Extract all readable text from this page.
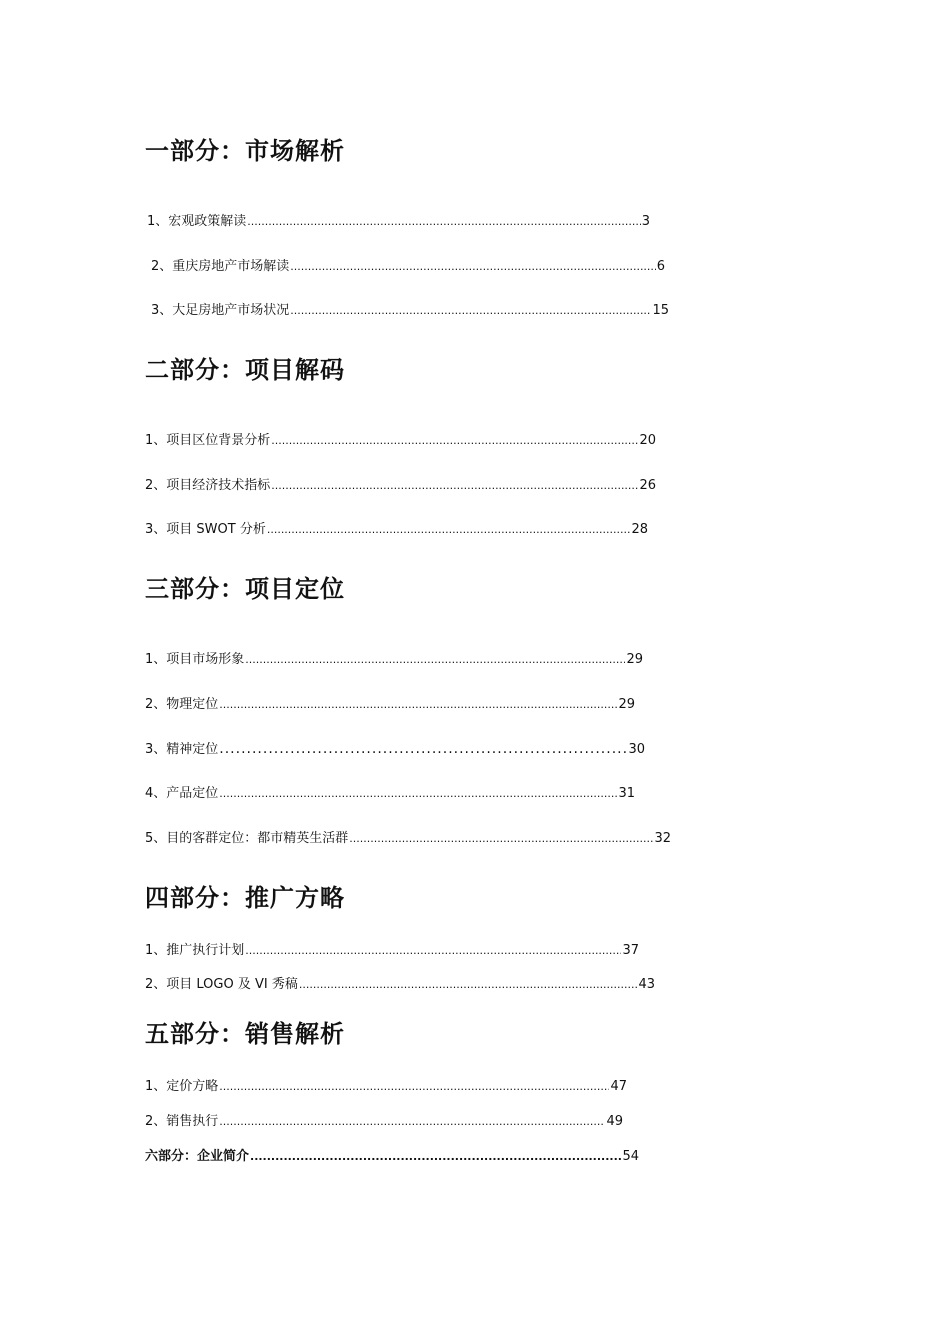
一部分：市场解析
1、宏观政策解读 .....	3
2、重庆房地产市场解读 .....	6
3、大足房地产市场状况 .....	15
二部分：项目解码
1、项目区位背景分析 .....	20
2、项目经济技术指标 .....	26
3、项目 SWOT 分析 .....	28
三部分：项目定位
1、项目市场形象 .....	29
2、物理定位 .....	29
3、精神定位 .....	30
4、产品定位 .....	31
5、目的客群定位：都市精英生活群 .....	32
四部分：推广方略
1、推广执行计划 .....	37
2、项目 LOGO 及 VI 秀稿 .....	43
五部分：销售解析
1、定价方略 .....	47
2、销售执行 .....	49
六部分：企业简介 .....	54
